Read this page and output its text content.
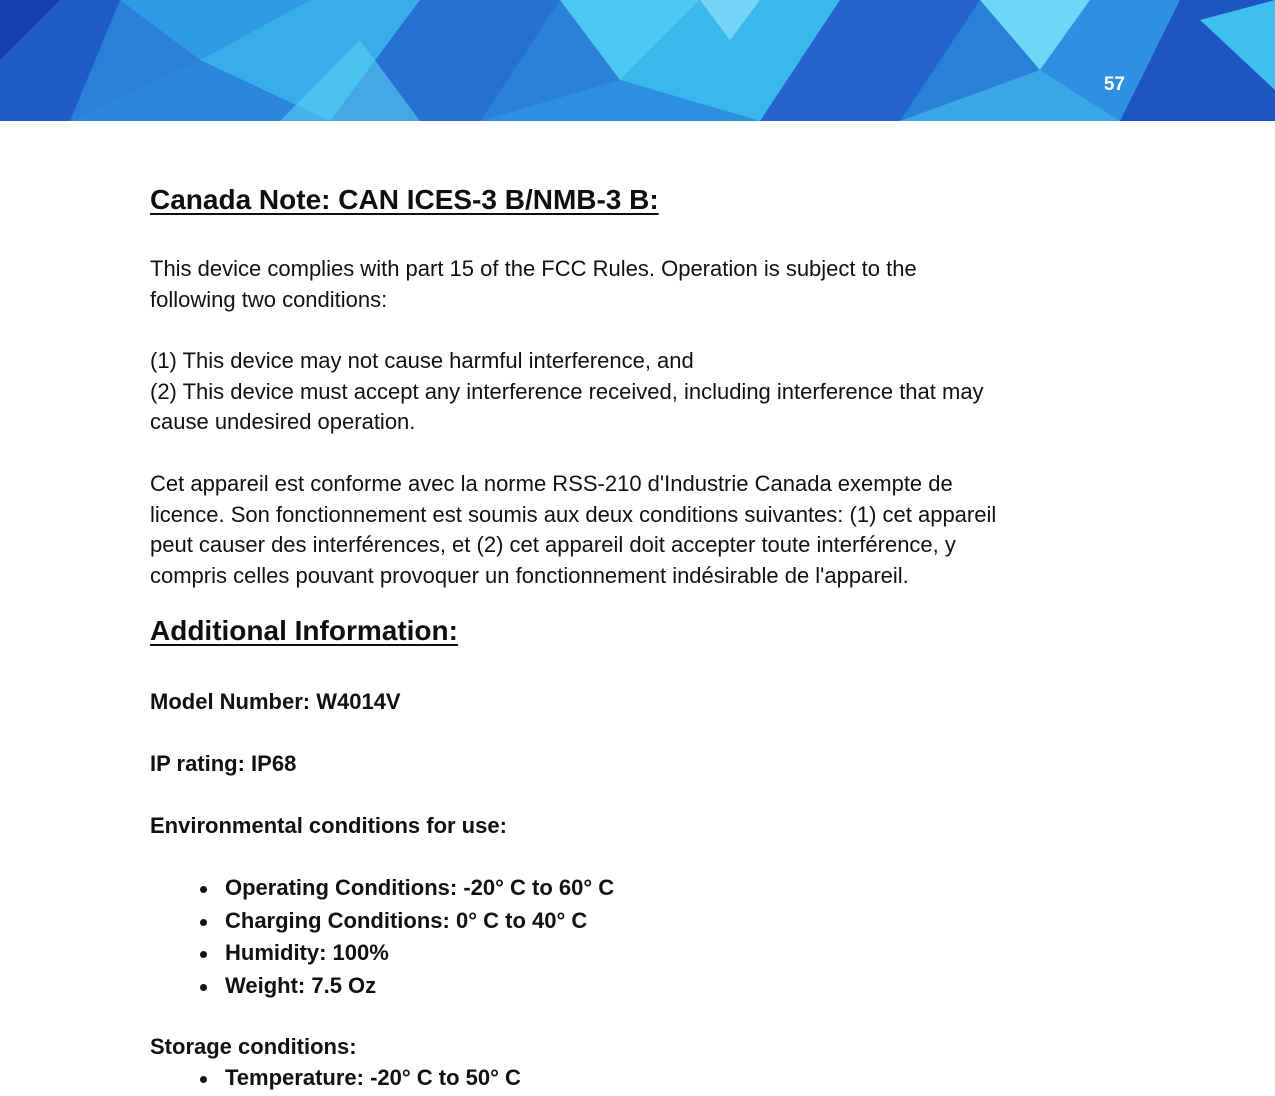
57
Canada Note: CAN ICES-3 B/NMB-3 B:

This device complies with part 15 of the FCC Rules. Operation is subject to the
following two conditions:

(1) This device may not cause harmful interference, and
(2) This device must accept any interference received, including interference that may
cause undesired operation.

Cet appareil est conforme avec la norme RSS-210 d'Industrie Canada exempte de
licence. Son fonctionnement est soumis aux deux conditions suivantes: (1) cet appareil
peut causer des interférences, et (2) cet appareil doit accepter toute interférence, y
compris celles pouvant provoquer un fonctionnement indésirable de l'appareil.

Additional Information:

Model Number: W4014V

IP rating: IP68

Environmental conditions for use:

Operating Conditions: -20° C to 60° C
Charging Conditions: 0° C to 40° C
Humidity: 100%
Weight: 7.5 Oz

Storage conditions:

Temperature: -20° C to 50° C
